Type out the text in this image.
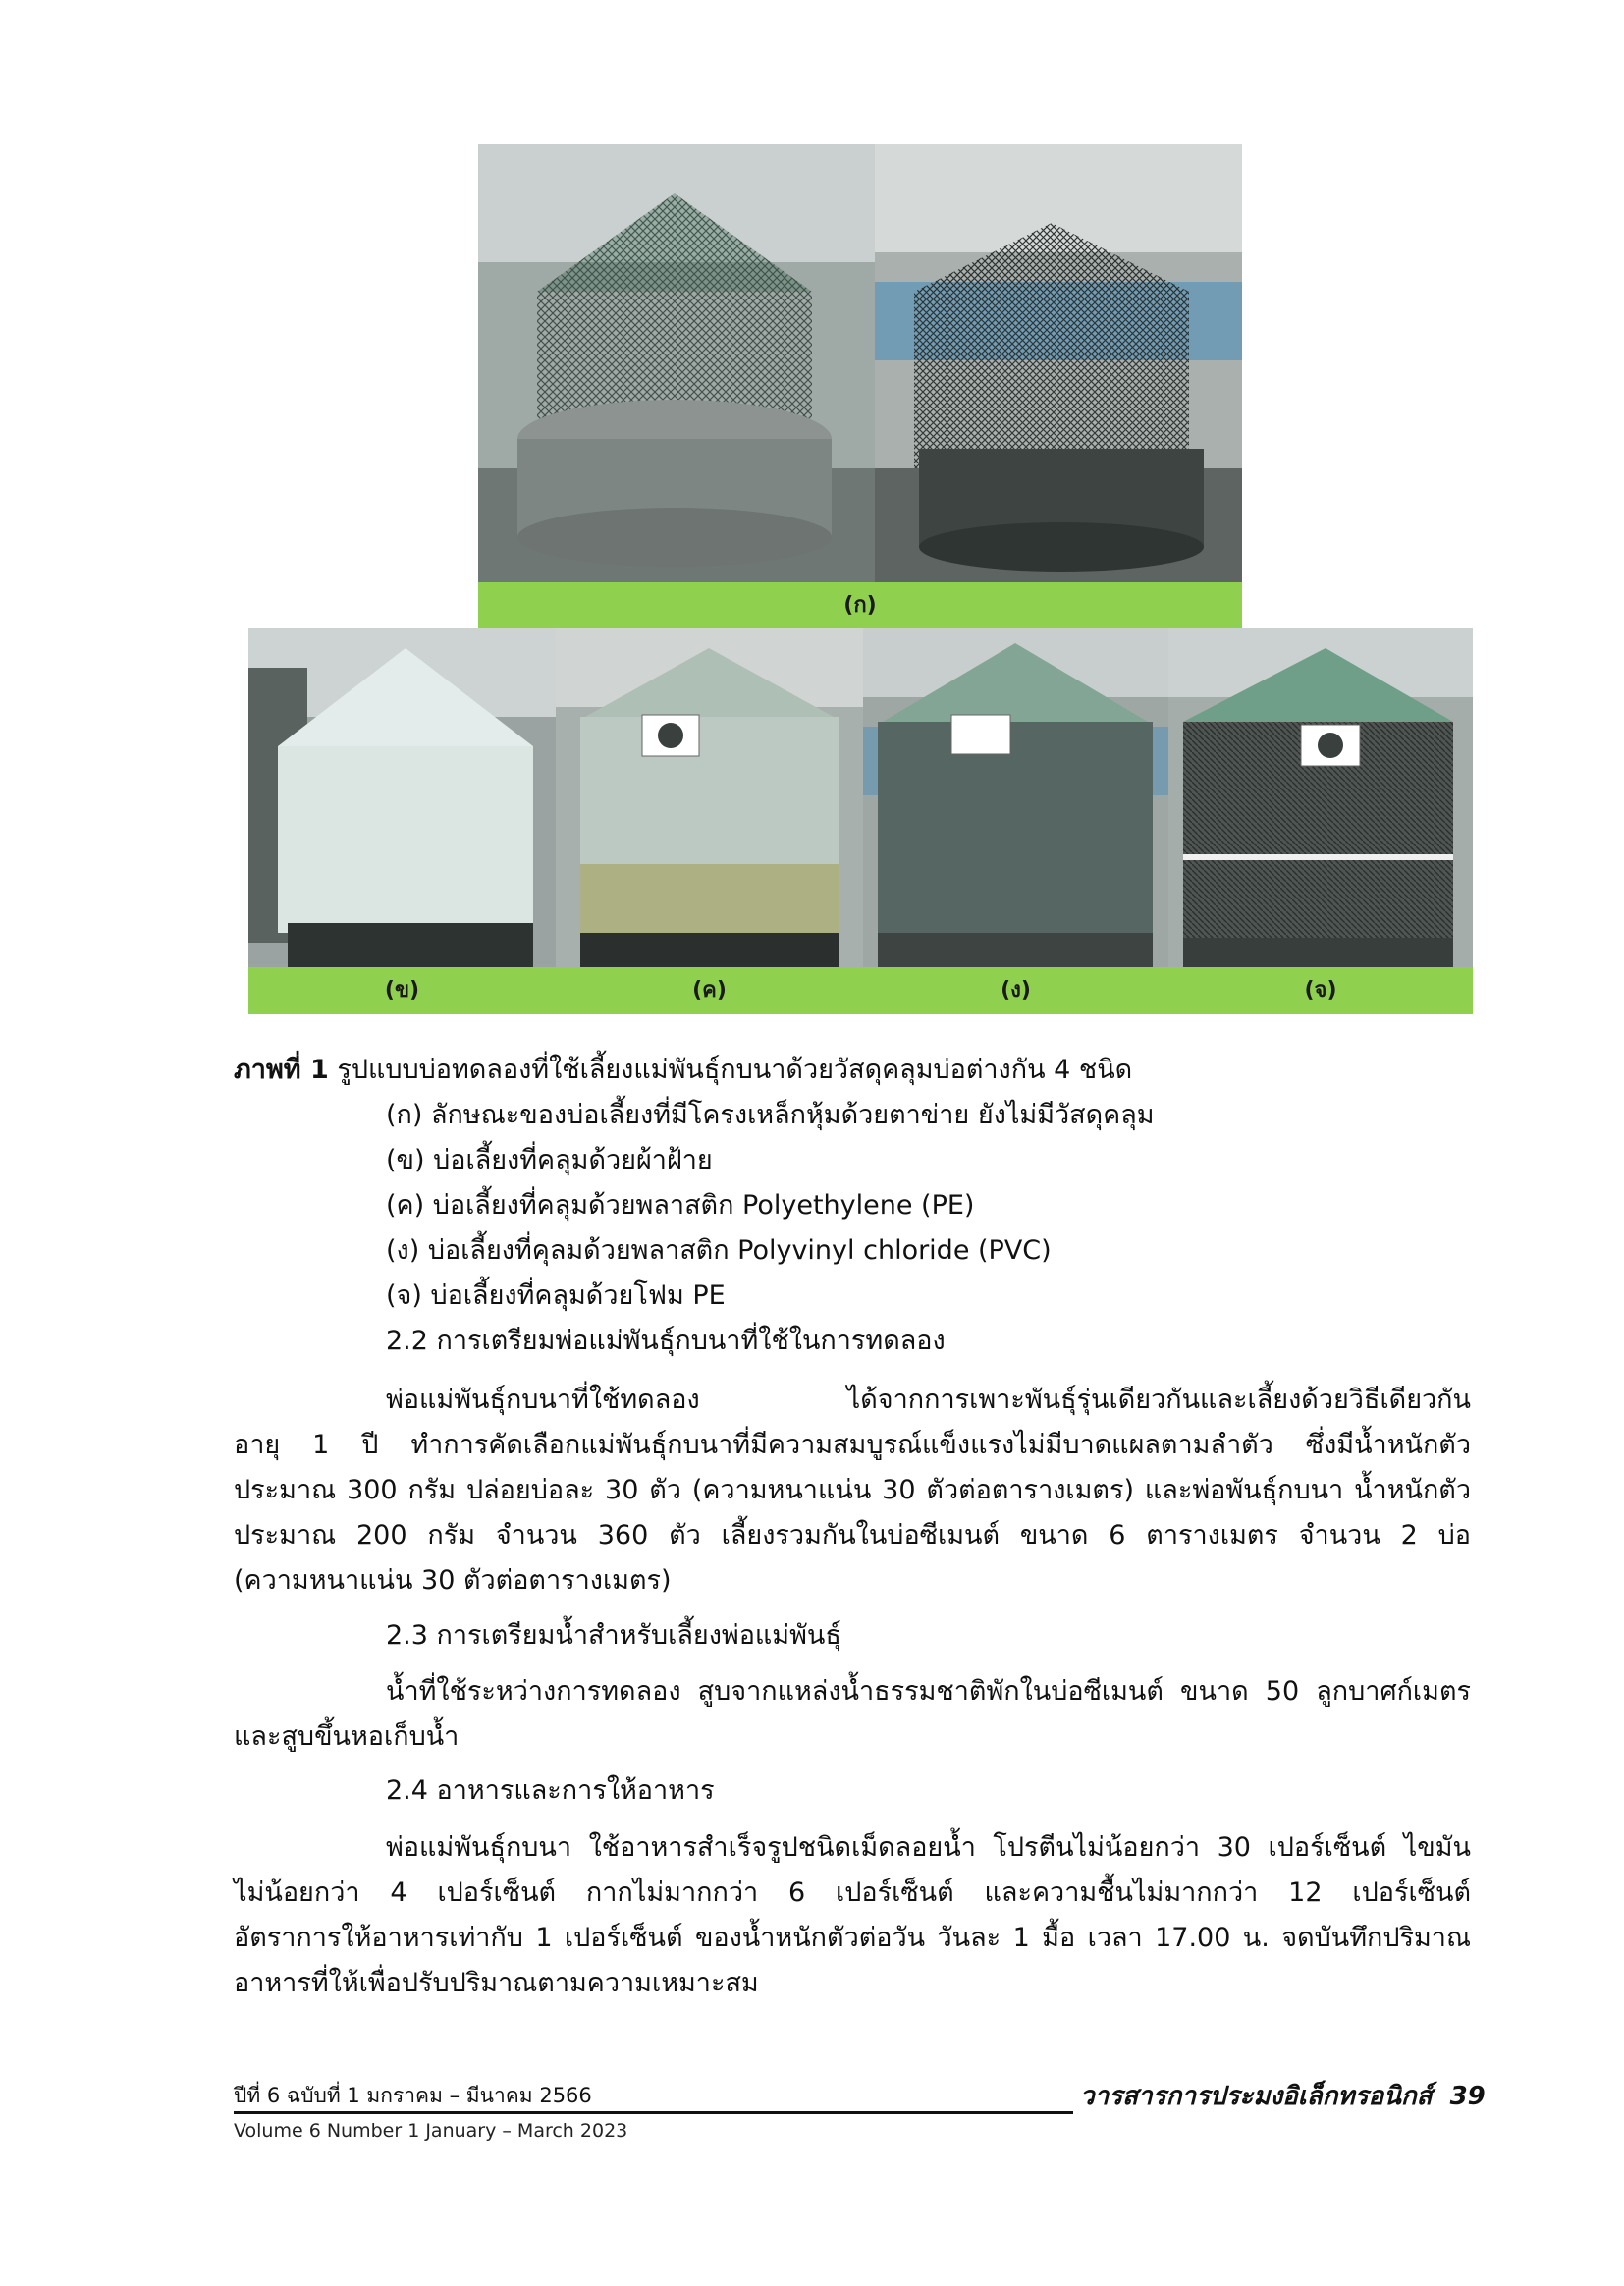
(ก)
(ข)	(ค)	(ง)	(จ)
ภาพที่ 1 รูปแบบบ่อทดลองที่ใช้เลี้ยงแม่พันธุ์กบนาด้วยวัสดุคลุมบ่อต่างกัน 4 ชนิด
(ก) ลักษณะของบ่อเลี้ยงที่มีโครงเหล็กหุ้มด้วยตาข่าย ยังไม่มีวัสดุคลุม
(ข) บ่อเลี้ยงที่คลุมด้วยผ้าฝ้าย
(ค) บ่อเลี้ยงที่คลุมด้วยพลาสติก Polyethylene (PE)
(ง) บ่อเลี้ยงที่คุลมด้วยพลาสติก Polyvinyl chloride (PVC)
(จ) บ่อเลี้ยงที่คลุมด้วยโฟม PE
2.2 การเตรียมพ่อแม่พันธุ์กบนาที่ใช้ในการทดลอง
พ่อแม่พันธุ์กบนาที่ใช้ทดลอง ได้จากการเพาะพันธุ์รุ่นเดียวกันและเลี้ยงด้วยวิธีเดียวกัน
อายุ 1 ปี ทำการคัดเลือกแม่พันธุ์กบนาที่มีความสมบูรณ์แข็งแรงไม่มีบาดแผลตามลำตัว ซึ่งมีน้ำหนักตัว
ประมาณ 300 กรัม ปล่อยบ่อละ 30 ตัว (ความหนาแน่น 30 ตัวต่อตารางเมตร) และพ่อพันธุ์กบนา น้ำหนักตัว
ประมาณ 200 กรัม จำนวน 360 ตัว เลี้ยงรวมกันในบ่อซีเมนต์ ขนาด 6 ตารางเมตร จำนวน 2 บ่อ
(ความหนาแน่น 30 ตัวต่อตารางเมตร)
2.3 การเตรียมน้ำสำหรับเลี้ยงพ่อแม่พันธุ์
น้ำที่ใช้ระหว่างการทดลอง สูบจากแหล่งน้ำธรรมชาติพักในบ่อซีเมนต์ ขนาด 50 ลูกบาศก์เมตร
และสูบขึ้นหอเก็บน้ำ
2.4 อาหารและการให้อาหาร
พ่อแม่พันธุ์กบนา ใช้อาหารสำเร็จรูปชนิดเม็ดลอยน้ำ โปรตีนไม่น้อยกว่า 30 เปอร์เซ็นต์ ไขมัน
ไม่น้อยกว่า 4 เปอร์เซ็นต์ กากไม่มากกว่า 6 เปอร์เซ็นต์ และความชื้นไม่มากกว่า 12 เปอร์เซ็นต์
อัตราการให้อาหารเท่ากับ 1 เปอร์เซ็นต์ ของน้ำหนักตัวต่อวัน วันละ 1 มื้อ เวลา 17.00 น. จดบันทึกปริมาณ
อาหารที่ให้เพื่อปรับปริมาณตามความเหมาะสม
ปีที่ 6 ฉบับที่ 1 มกราคม – มีนาคม 2566
Volume 6 Number 1 January – March 2023
วารสารการประมงอิเล็กทรอนิกส์ 39
